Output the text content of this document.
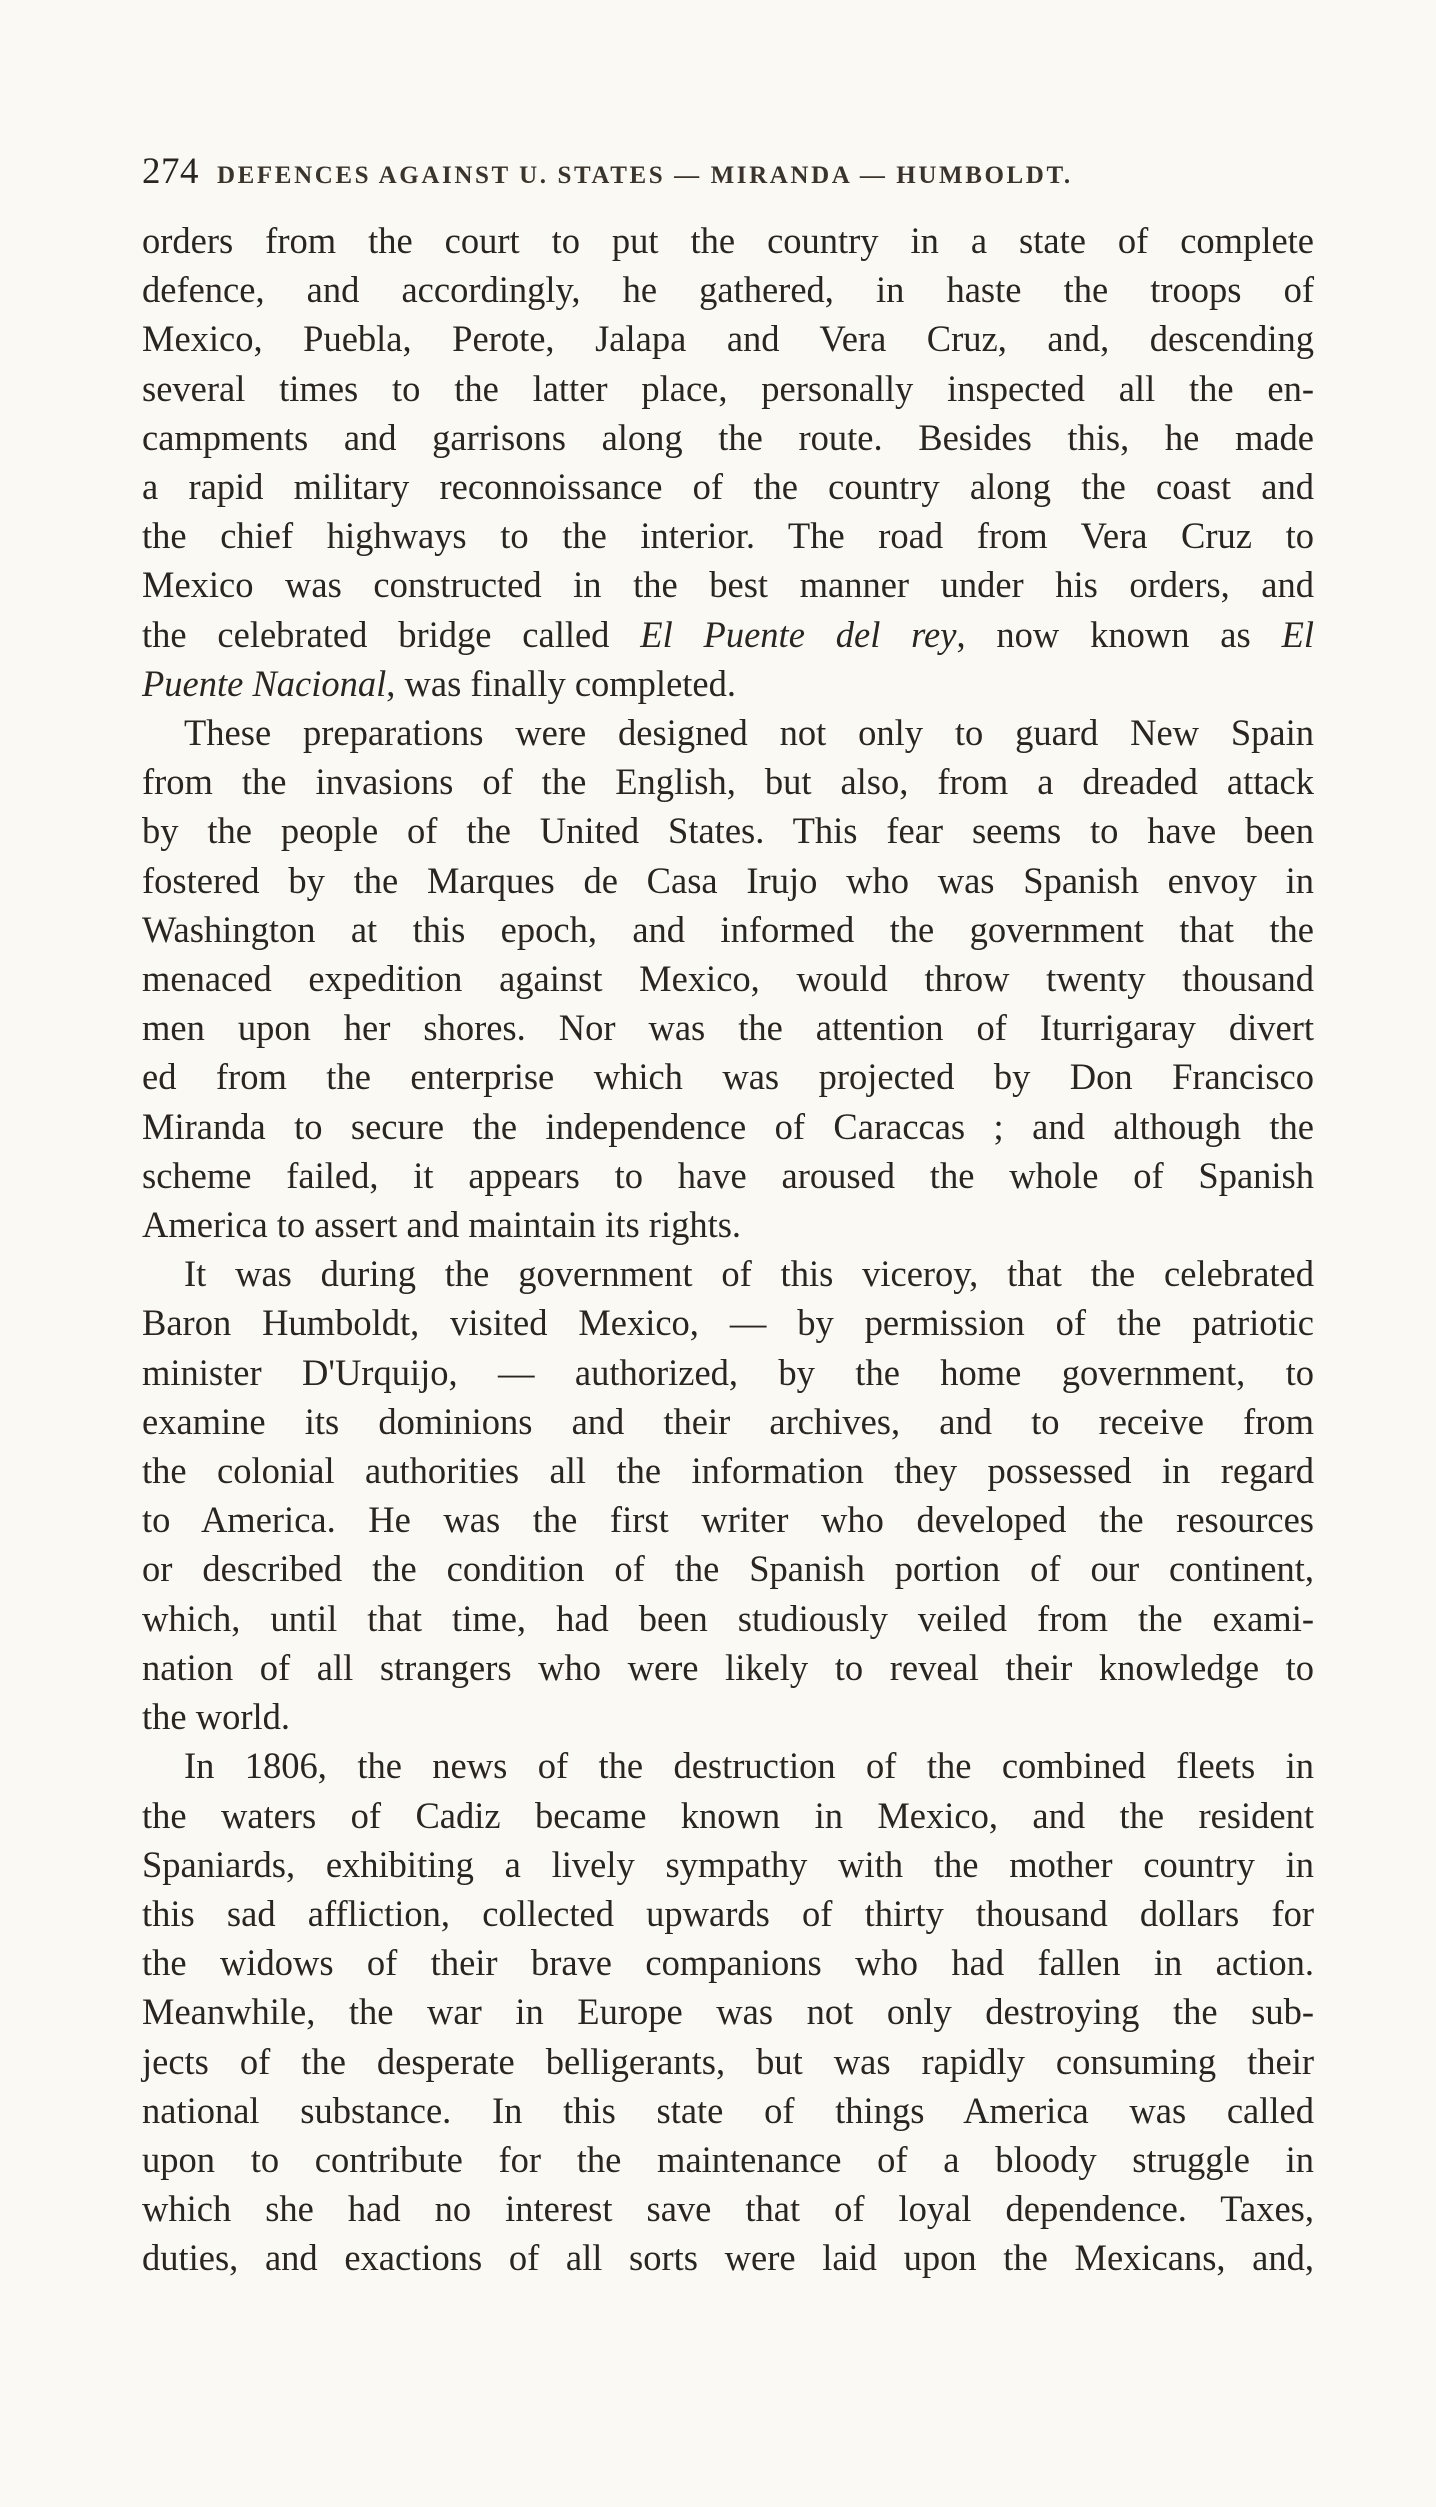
274 DEFENCES AGAINST U. STATES — MIRANDA — HUMBOLDT.

orders from the court to put the country in a state of complete
defence, and accordingly, he gathered, in haste the troops of
Mexico, Puebla, Perote, Jalapa and Vera Cruz, and, descending
several times to the latter place, personally inspected all the en-
campments and garrisons along the route. Besides this, he made
a rapid military reconnoissance of the country along the coast and
the chief highways to the interior. The road from Vera Cruz to
Mexico was constructed in the best manner under his orders, and
the celebrated bridge called El Puente del rey, now known as El
Puente Nacional, was finally completed.

These preparations were designed not only to guard New Spain
from the invasions of the English, but also, from a dreaded attack
by the people of the United States. This fear seems to have been
fostered by the Marques de Casa Irujo who was Spanish envoy in
Washington at this epoch, and informed the government that the
menaced expedition against Mexico, would throw twenty thousand
men upon her shores. Nor was the attention of Iturrigaray divert
ed from the enterprise which was projected by Don Francisco
Miranda to secure the independence of Caraccas ; and although the
scheme failed, it appears to have aroused the whole of Spanish
America to assert and maintain its rights.

It was during the government of this viceroy, that the celebrated
Baron Humboldt, visited Mexico, — by permission of the patriotic
minister D'Urquijo, — authorized, by the home government, to
examine its dominions and their archives, and to receive from
the colonial authorities all the information they possessed in regard
to America. He was the first writer who developed the resources
or described the condition of the Spanish portion of our continent,
which, until that time, had been studiously veiled from the exami-
nation of all strangers who were likely to reveal their knowledge to
the world.

In 1806, the news of the destruction of the combined fleets in
the waters of Cadiz became known in Mexico, and the resident
Spaniards, exhibiting a lively sympathy with the mother country in
this sad affliction, collected upwards of thirty thousand dollars for
the widows of their brave companions who had fallen in action.
Meanwhile, the war in Europe was not only destroying the sub-
jects of the desperate belligerants, but was rapidly consuming their
national substance. In this state of things America was called
upon to contribute for the maintenance of a bloody struggle in
which she had no interest save that of loyal dependence. Taxes,
duties, and exactions of all sorts were laid upon the Mexicans, and,
